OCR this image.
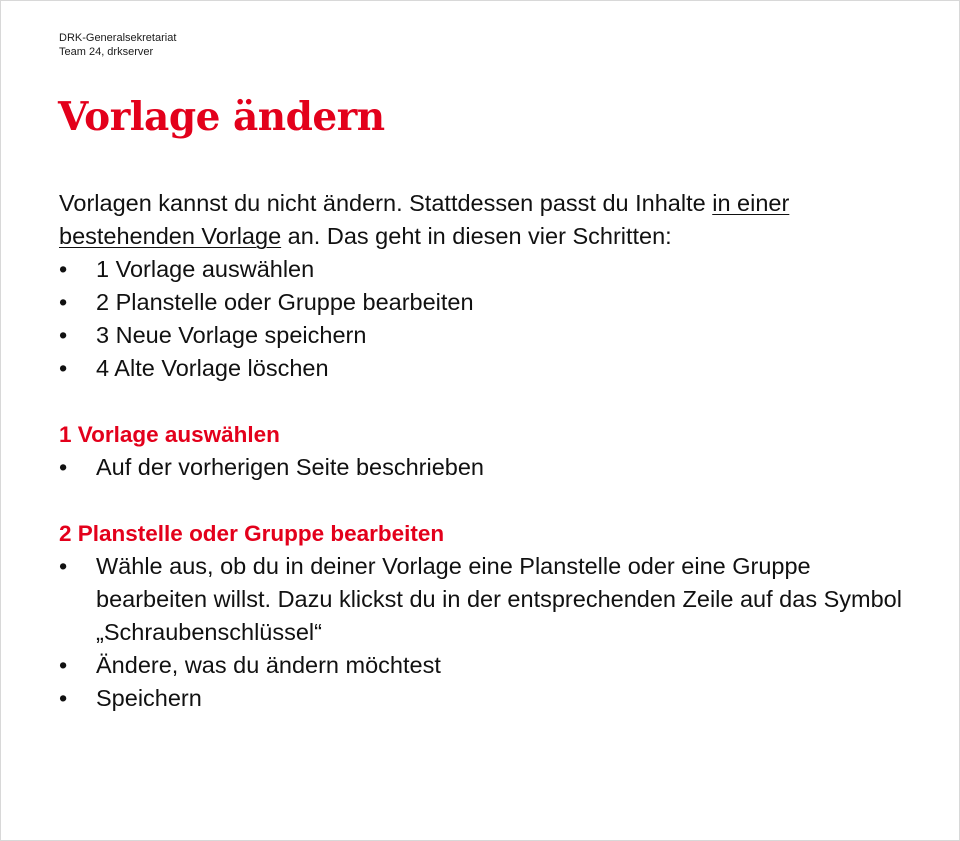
DRK-Generalsekretariat
Team 24, drkserver
Vorlage ändern

Vorlagen kannst du nicht ändern. Stattdessen passt du Inhalte in einer bestehenden Vorlage an. Das geht in diesen vier Schritten:

• 1 Vorlage auswählen
• 2 Planstelle oder Gruppe bearbeiten
• 3 Neue Vorlage speichern
• 4 Alte Vorlage löschen
1 Vorlage auswählen
• Auf der vorherigen Seite beschrieben
2 Planstelle oder Gruppe bearbeiten
• Wähle aus, ob du in deiner Vorlage eine Planstelle oder eine Gruppe bearbeiten willst. Dazu klickst du in der entsprechenden Zeile auf das Symbol „Schraubenschlüssel“
• Ändere, was du ändern möchtest
• Speichern
